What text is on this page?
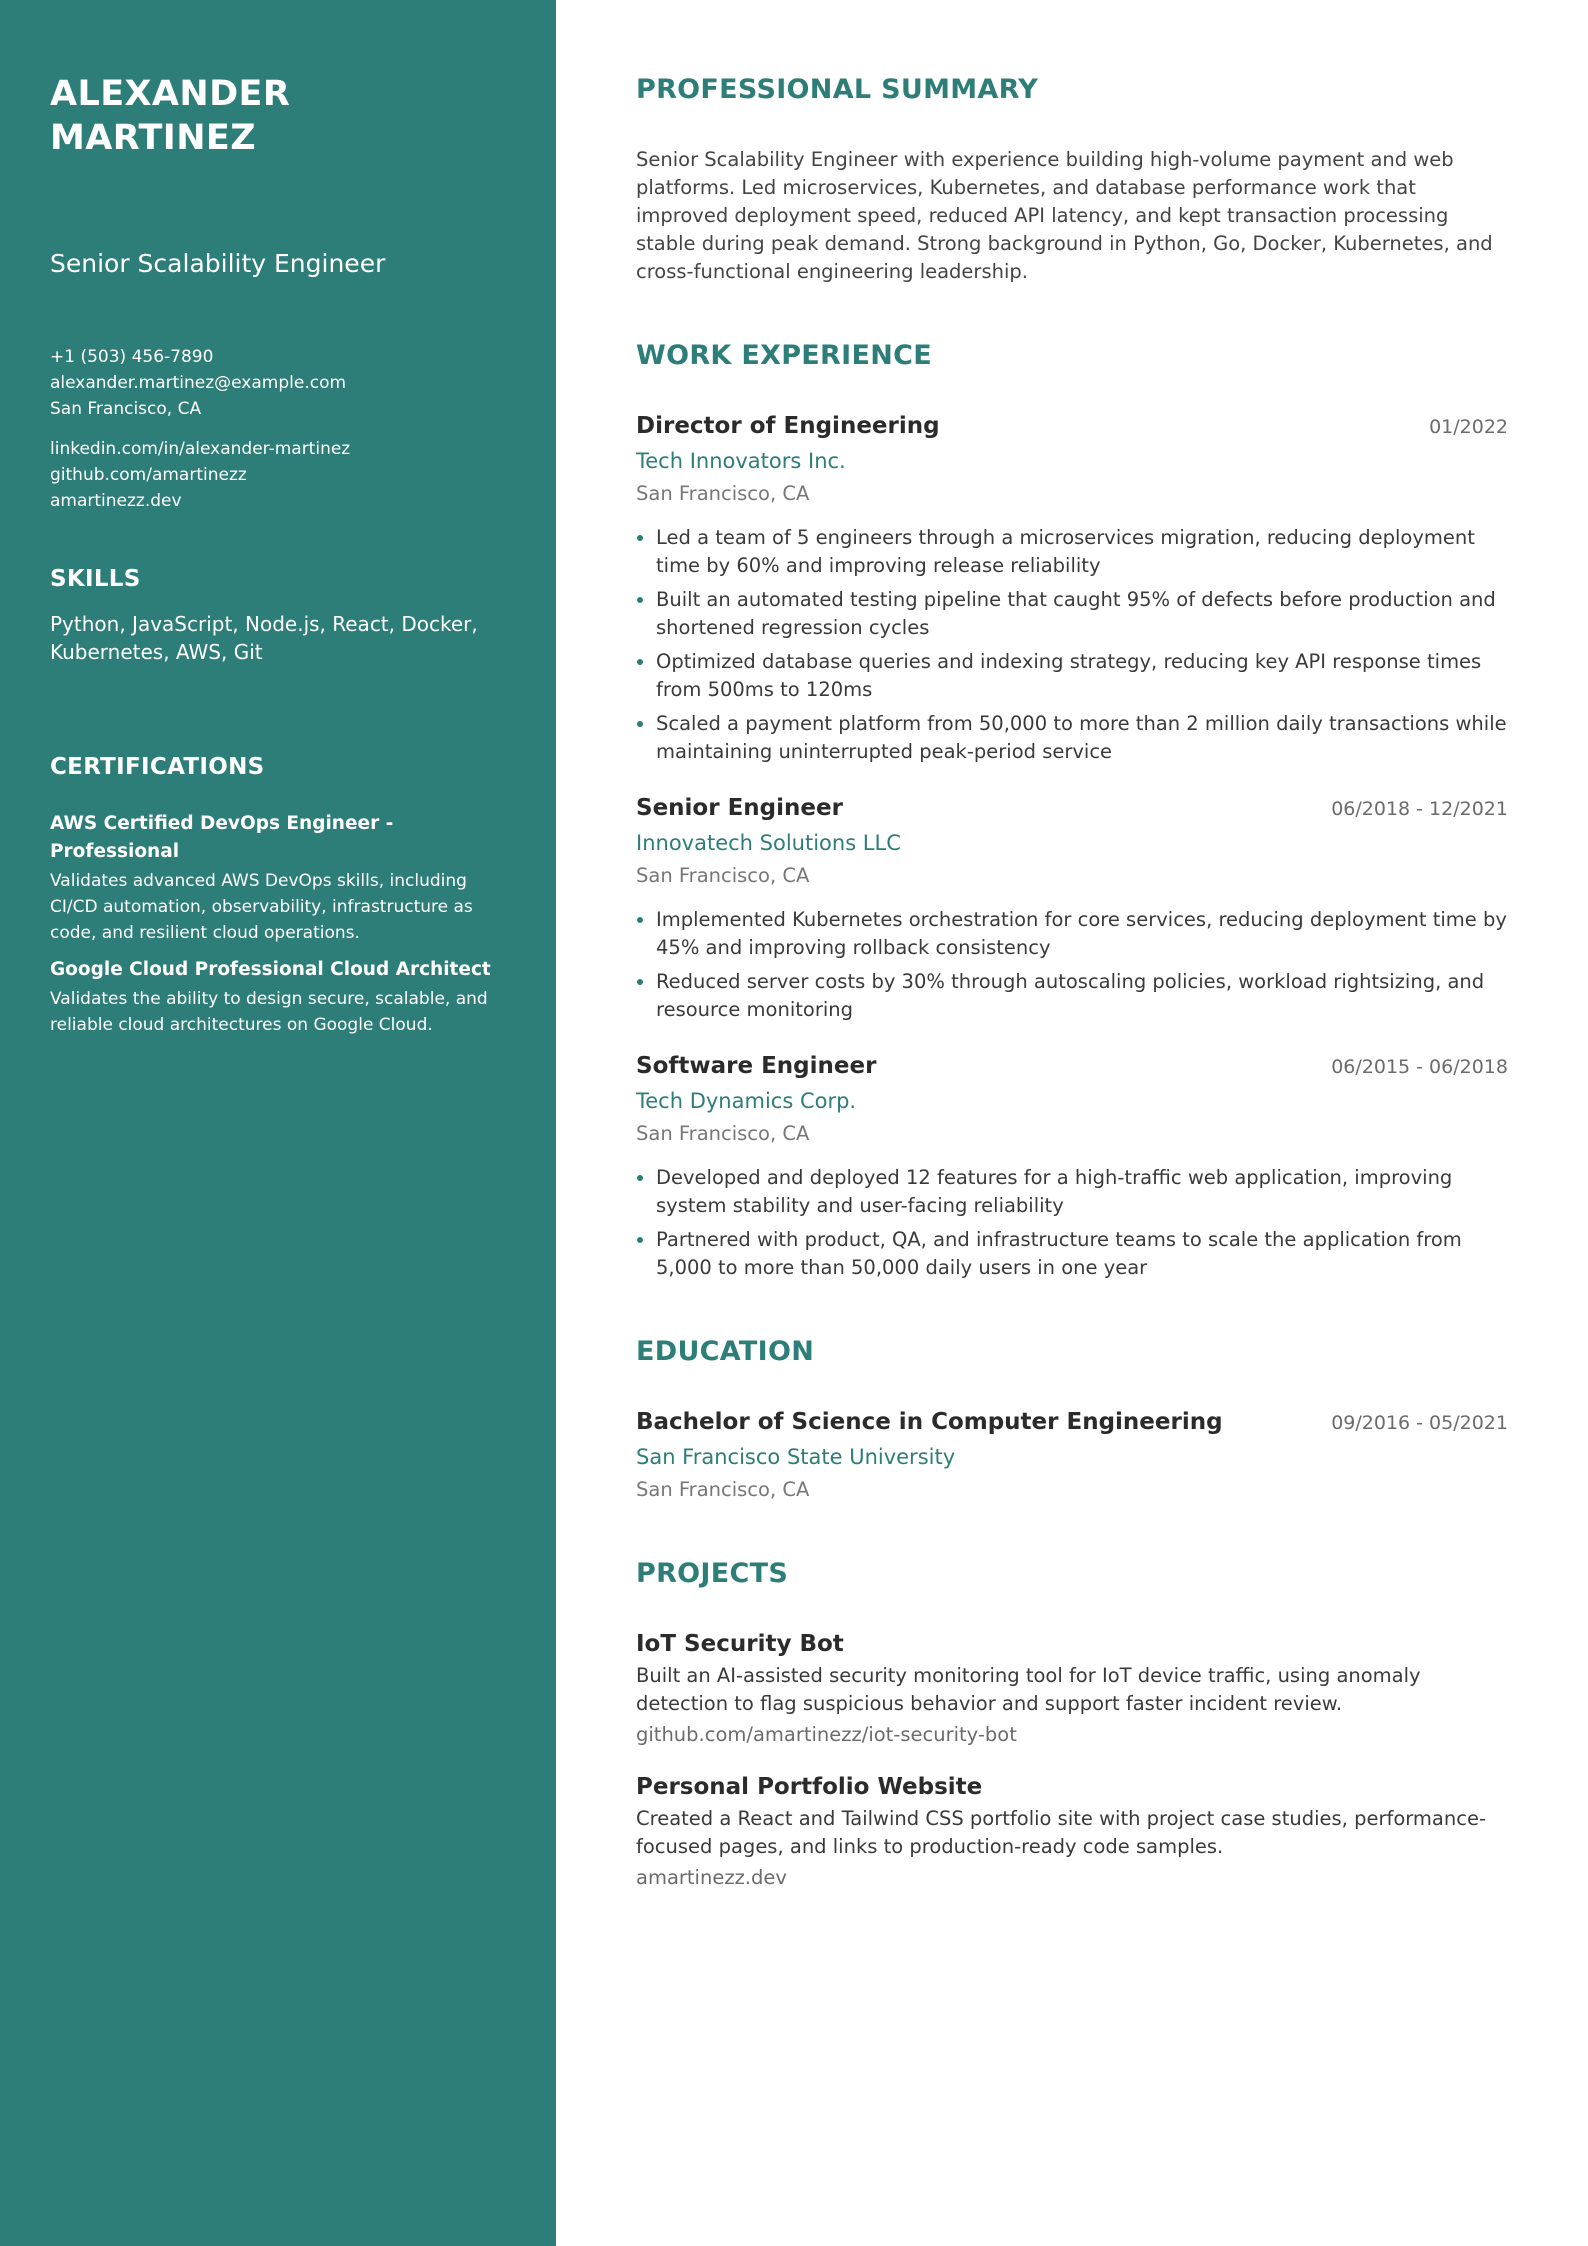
ALEXANDER MARTINEZ
Senior Scalability Engineer
+1 (503) 456-7890
alexander.martinez@example.com
San Francisco, CA
linkedin.com/in/alexander-martinez
github.com/amartinezz
amartinezz.dev
SKILLS
Python, JavaScript, Node.js, React, Docker, Kubernetes, AWS, Git
CERTIFICATIONS
AWS Certified DevOps Engineer - Professional
Validates advanced AWS DevOps skills, including CI/CD automation, observability, infrastructure as code, and resilient cloud operations.
Google Cloud Professional Cloud Architect
Validates the ability to design secure, scalable, and reliable cloud architectures on Google Cloud.
PROFESSIONAL SUMMARY

Senior Scalability Engineer with experience building high-volume payment and web platforms. Led microservices, Kubernetes, and database performance work that improved deployment speed, reduced API latency, and kept transaction processing stable during peak demand. Strong background in Python, Go, Docker, Kubernetes, and cross-functional engineering leadership.

WORK EXPERIENCE
Director of Engineering	01/2022
Tech Innovators Inc.
San Francisco, CA
Led a team of 5 engineers through a microservices migration, reducing deployment time by 60% and improving release reliability
Built an automated testing pipeline that caught 95% of defects before production and shortened regression cycles
Optimized database queries and indexing strategy, reducing key API response times from 500ms to 120ms
Scaled a payment platform from 50,000 to more than 2 million daily transactions while maintaining uninterrupted peak-period service
Senior Engineer	06/2018 - 12/2021
Innovatech Solutions LLC
San Francisco, CA
Implemented Kubernetes orchestration for core services, reducing deployment time by 45% and improving rollback consistency
Reduced server costs by 30% through autoscaling policies, workload rightsizing, and resource monitoring
Software Engineer	06/2015 - 06/2018
Tech Dynamics Corp.
San Francisco, CA
Developed and deployed 12 features for a high-traffic web application, improving system stability and user-facing reliability
Partnered with product, QA, and infrastructure teams to scale the application from 5,000 to more than 50,000 daily users in one year
EDUCATION
Bachelor of Science in Computer Engineering	09/2016 - 05/2021
San Francisco State University
San Francisco, CA
PROJECTS
IoT Security Bot
Built an AI-assisted security monitoring tool for IoT device traffic, using anomaly detection to flag suspicious behavior and support faster incident review.
github.com/amartinezz/iot-security-bot
Personal Portfolio Website
Created a React and Tailwind CSS portfolio site with project case studies, performance-focused pages, and links to production-ready code samples.
amartinezz.dev
